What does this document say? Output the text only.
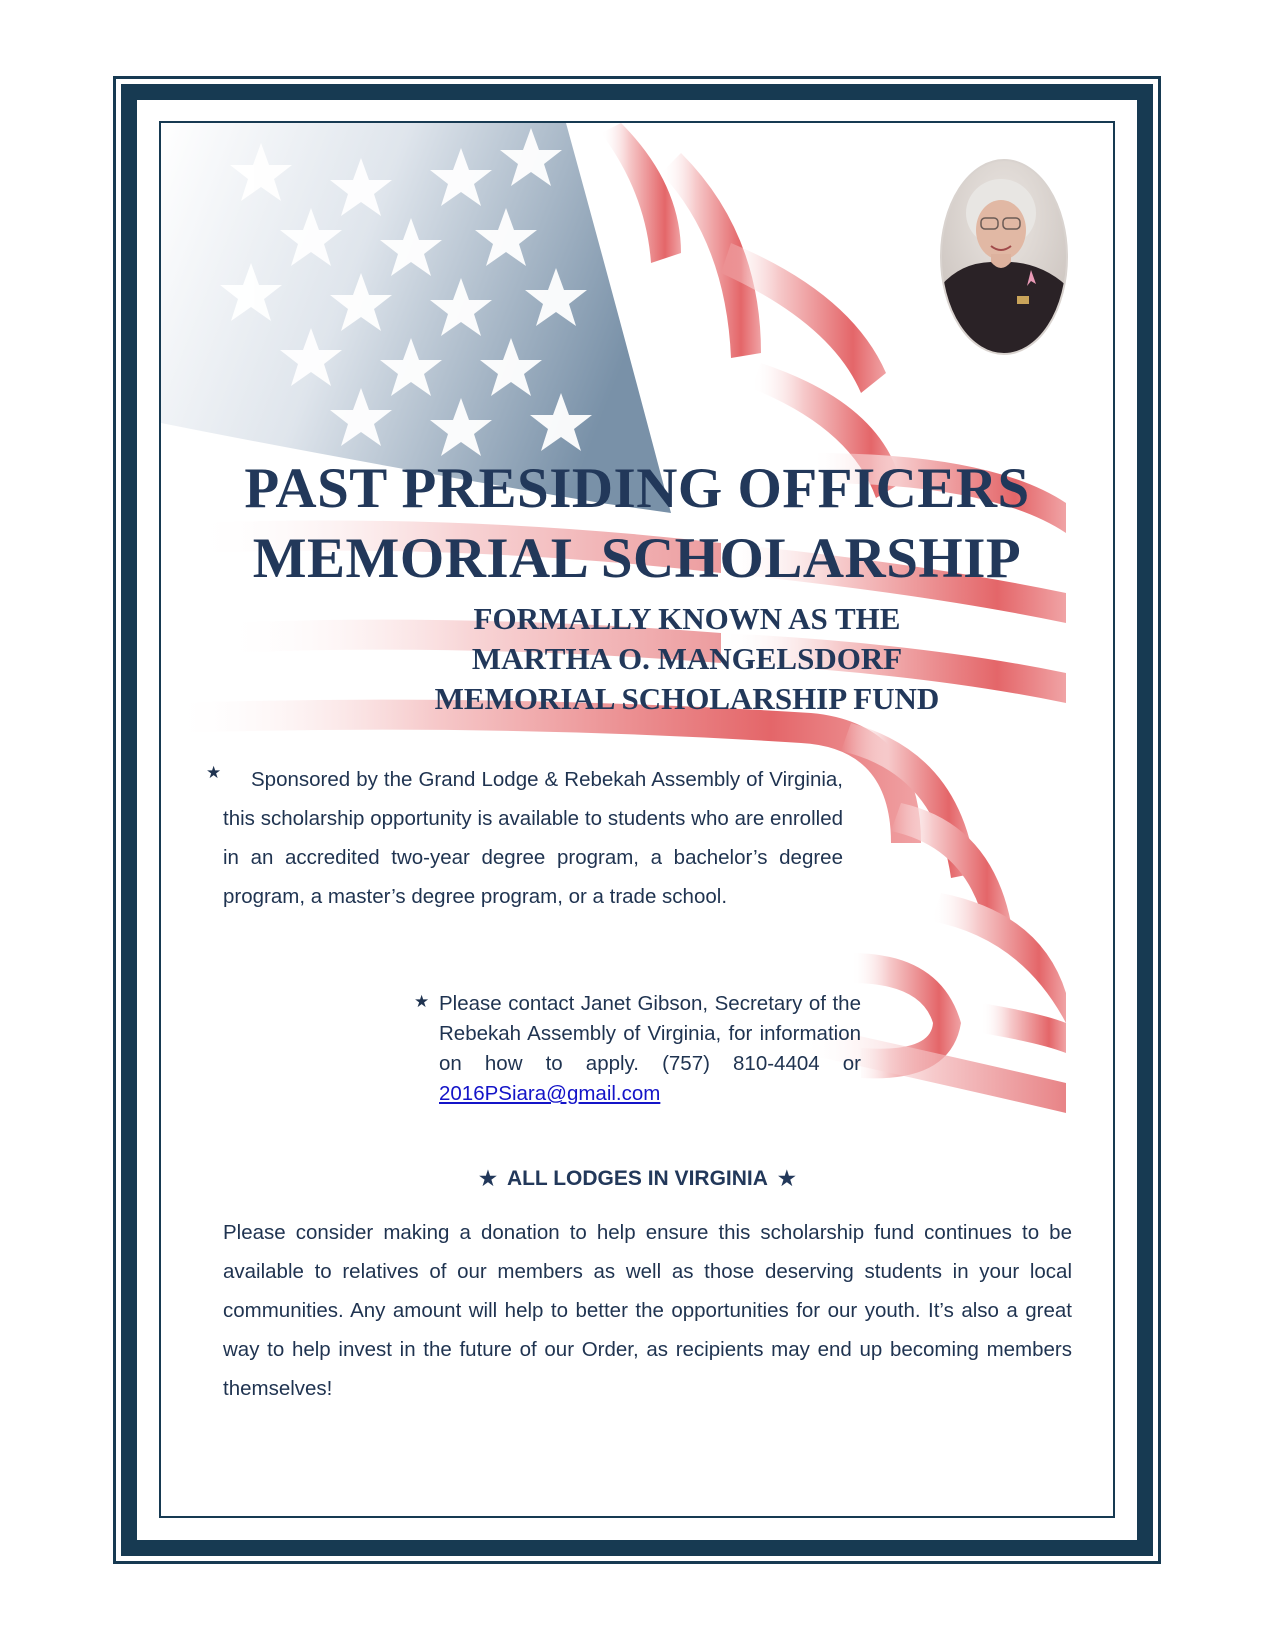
PAST PRESIDING OFFICERS
MEMORIAL SCHOLARSHIP
FORMALLY KNOWN AS THE
MARTHA O. MANGELSDORF
MEMORIAL SCHOLARSHIP FUND
★	Sponsored by the Grand Lodge & Rebekah Assembly of Virginia, this scholarship opportunity is available to students who are enrolled in an accredited two-year degree program, a bachelor’s degree program, a master’s degree program, or a trade school.

★ Please contact Janet Gibson, Secretary of the Rebekah Assembly of Virginia, for information on how to apply. (757) 810-4404 or 2016PSiara@gmail.com

★ ALL LODGES IN VIRGINIA ★

Please consider making a donation to help ensure this scholarship fund continues to be available to relatives of our members as well as those deserving students in your local communities. Any amount will help to better the opportunities for our youth. It’s also a great way to help invest in the future of our Order, as recipients may end up becoming members themselves!
